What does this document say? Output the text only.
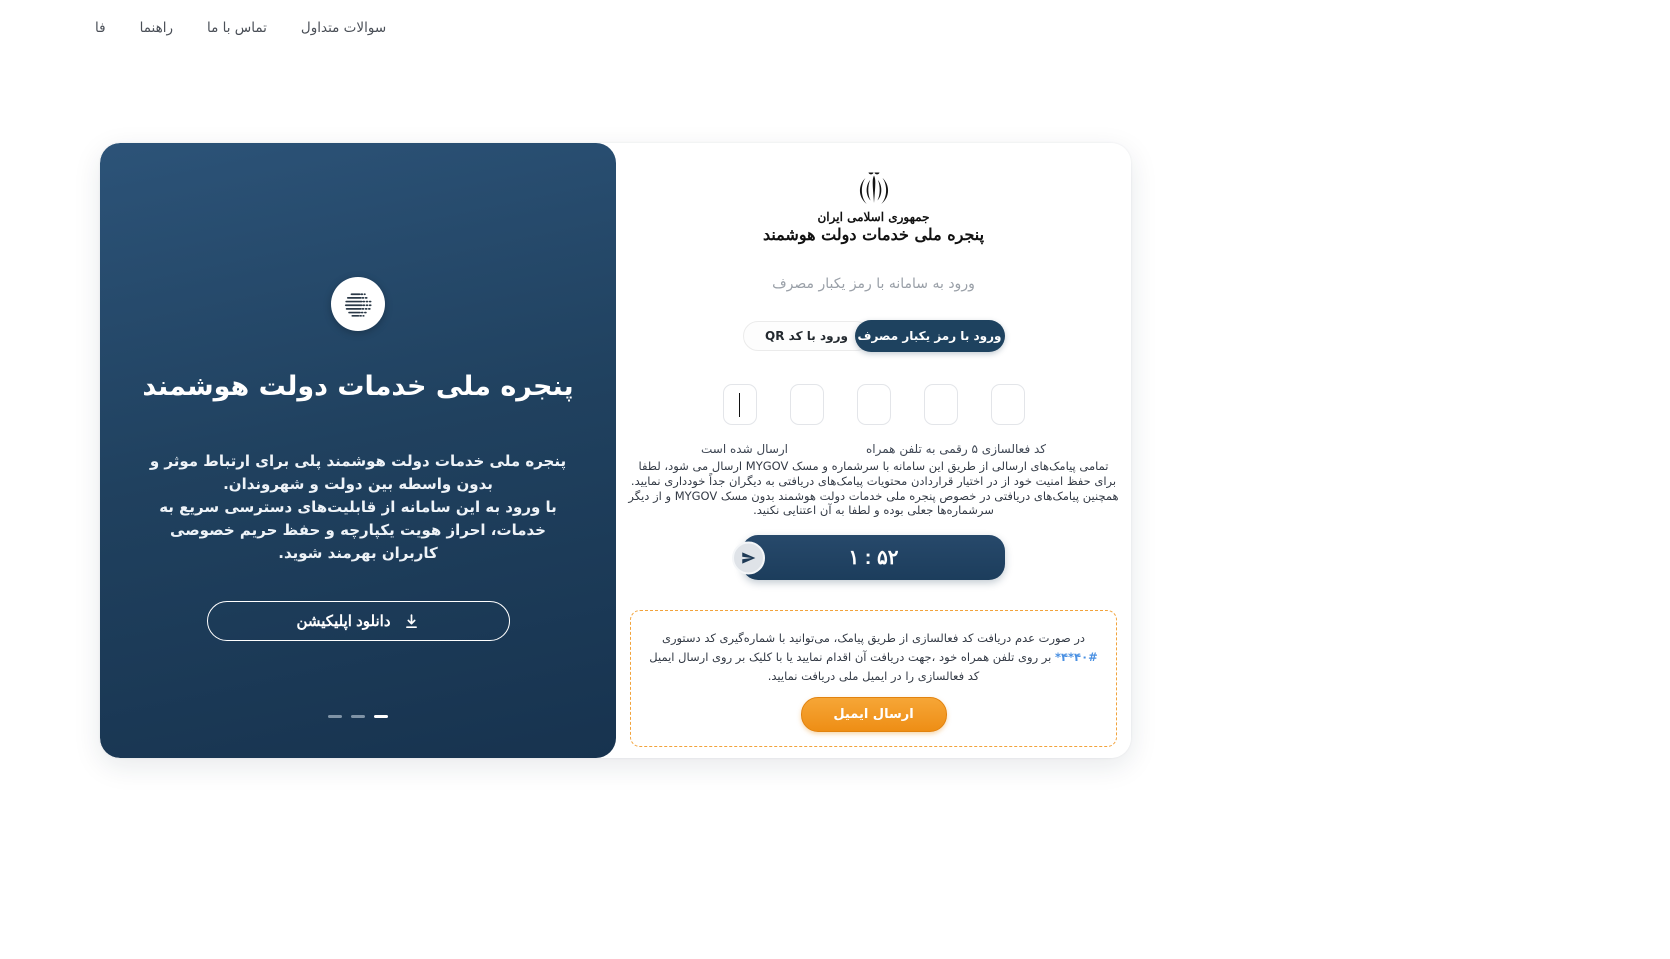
سوالات متداول
تماس با ما
راهنما
فا
پنجره ملی خدمات دولت هوشمند
پنجره ملی خدمات دولت هوشمند پلی برای ارتباط موثر و بدون واسطه بین دولت و شهروندان.
با ورود به این سامانه از قابلیت‌های دسترسی سریع به خدمات، احراز هویت یکپارچه و حفظ حریم خصوصی کاربران بهرمند شوید.
دانلود اپلیکیشن
جمهوری اسلامی ایران
پنجره ملی خدمات دولت هوشمند
ورود به سامانه با رمز یکبار مصرف
ورود با رمز یکبار مصرف
ورود با کد QR
کد فعالسازی ۵ رقمی به تلفن همراه
ارسال شده است

تمامی پیامک‌های ارسالی از طریق این سامانه با سرشماره و مسک MYGOV ارسال می شود، لطفا برای حفظ امنیت خود از در اختیار قراردادن محتویات پیامک‌های دریافتی به دیگران جداً خودداری نمایید. همچنین پیامک‌های دریافتی در خصوص پنجره ملی خدمات دولت هوشمند بدون مسک MYGOV و از دیگر سرشماره‌ها جعلی بوده و لطفا به آن اعتنایی نکنید.

۱ : ۵۲

در صورت عدم دریافت کد فعالسازی از طریق پیامک، می‌توانید با شماره‌گیری کد دستوری *۴*۴۰# بر روی تلفن همراه خود ،جهت دریافت آن اقدام نمایید یا با کلیک بر روی ارسال ایمیل کد فعالسازی را در ایمیل ملی دریافت نمایید.

ارسال ایمیل
